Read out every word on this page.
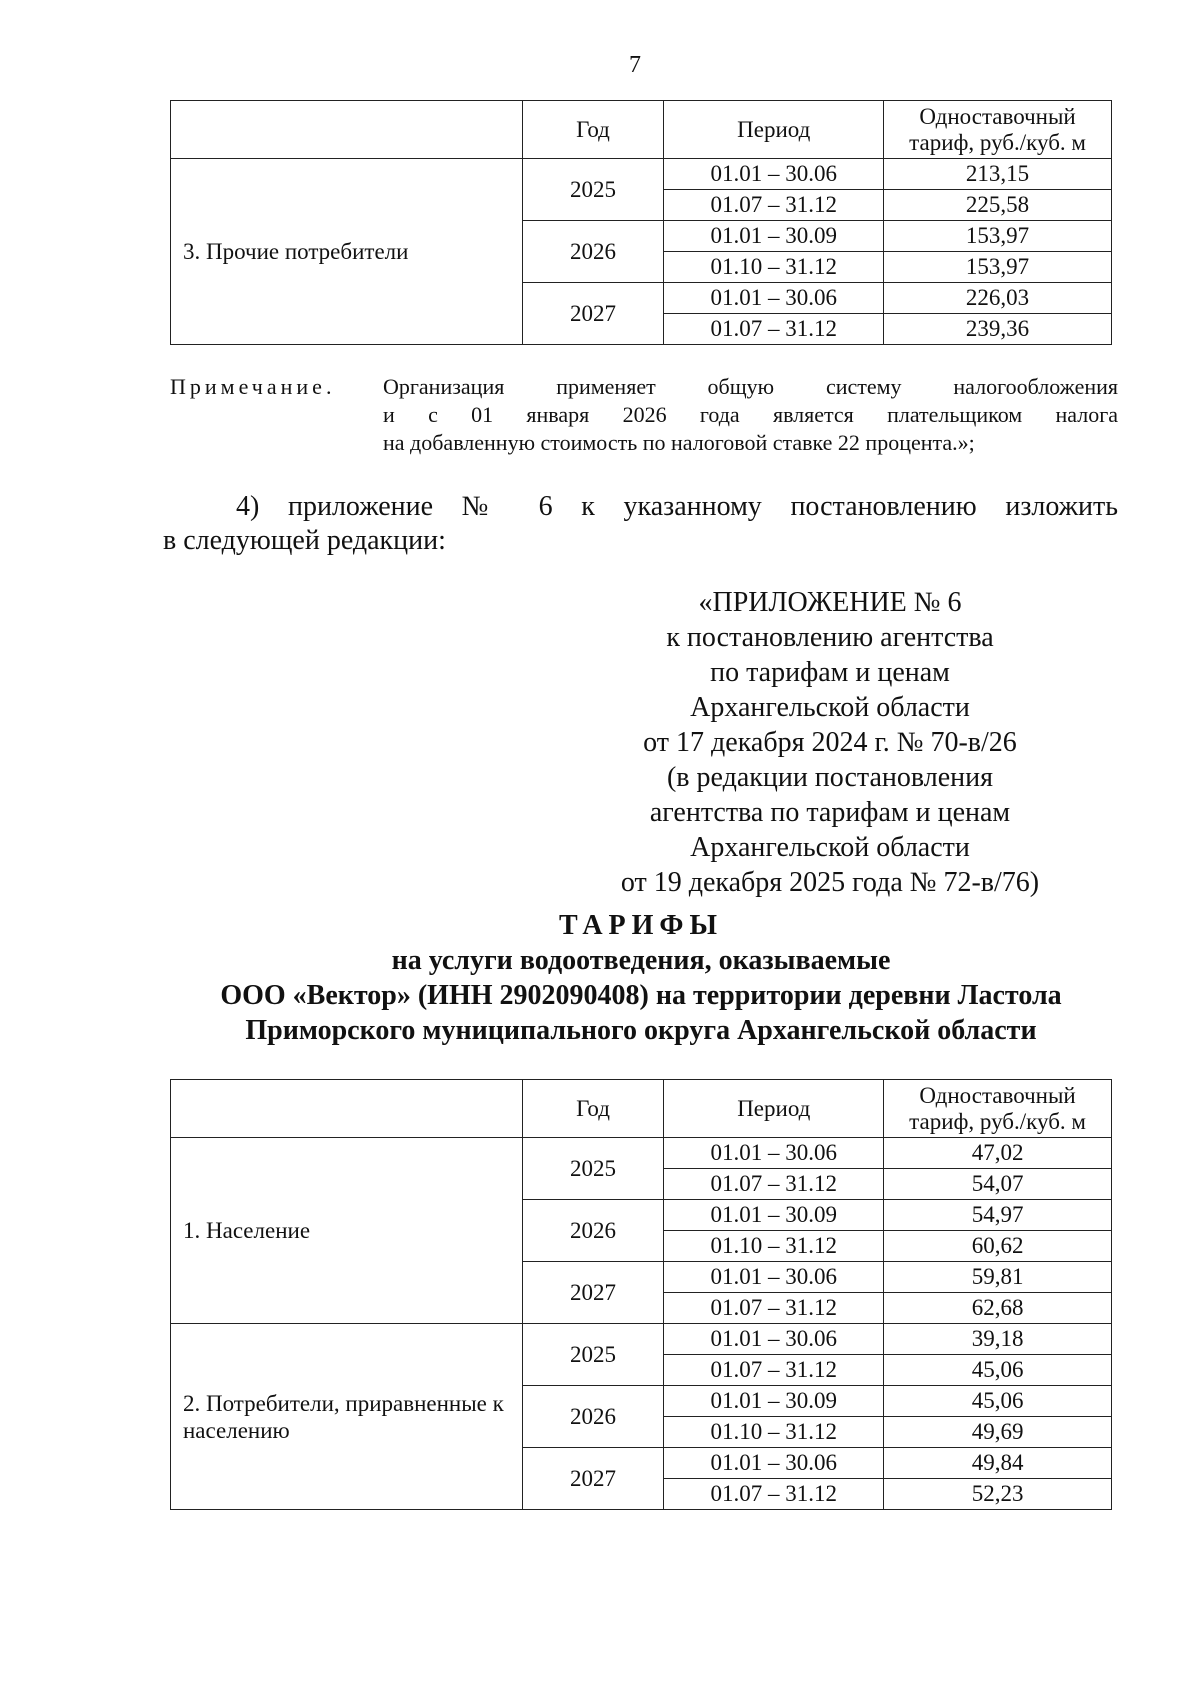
7
	Год	Период	Одноставочный тариф, руб./куб. м
3. Прочие потребители	2025	01.01 – 30.06	213,15
		01.07 – 31.12	225,58
	2026	01.01 – 30.09	153,97
		01.10 – 31.12	153,97
	2027	01.01 – 30.06	226,03
		01.07 – 31.12	239,36
Примечание. Организация применяет общую системy налогообложения
и с 01 января 2026 года является плательщиком налога
на добавленную стоимость по налоговой ставке 22 процента.»;
4) приложение № 6 к указанному постановлению изложить
в следующей редакции:
«ПРИЛОЖЕНИЕ № 6
к постановлению агентства
по тарифам и ценам
Архангельской области
от 17 декабря 2024 г. № 70-в/26
(в редакции постановления
агентства по тарифам и ценам
Архангельской области
от 19 декабря 2025 года № 72-в/76)
ТАРИФЫ
на услуги водоотведения, оказываемые
ООО «Вектор» (ИНН 2902090408) на территории деревни Ластола
Приморского муниципального округа Архангельской области
	Год	Период	Одноставочный тариф, руб./куб. м
1. Население	2025	01.01 – 30.06	47,02
		01.07 – 31.12	54,07
	2026	01.01 – 30.09	54,97
		01.10 – 31.12	60,62
	2027	01.01 – 30.06	59,81
		01.07 – 31.12	62,68
2. Потребители, приравненные к населению	2025	01.01 – 30.06	39,18
		01.07 – 31.12	45,06
	2026	01.01 – 30.09	45,06
		01.10 – 31.12	49,69
	2027	01.01 – 30.06	49,84
		01.07 – 31.12	52,23
